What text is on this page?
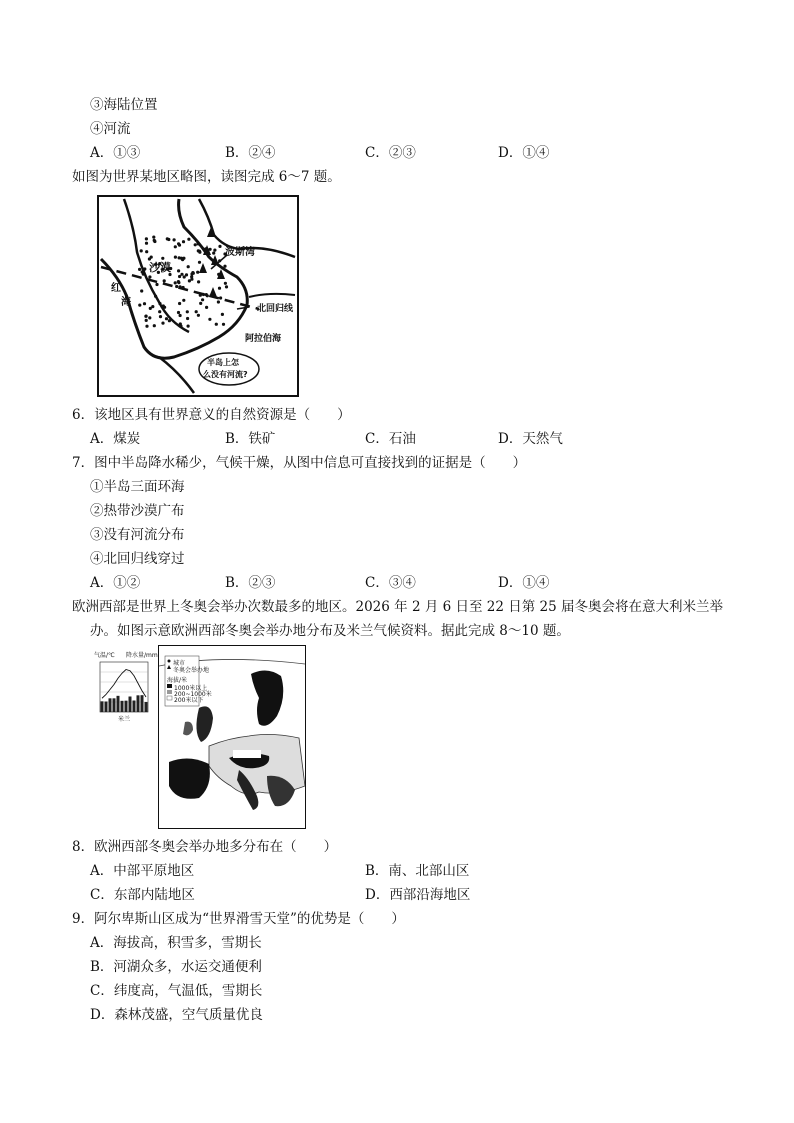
③海陆位置
④河流
A．①③	B．②④	C．②③	D．①④
如图为世界某地区略图，读图完成 6～7 题。
波斯湾
红
海
沙漠
北回归线
阿拉伯海
半岛上怎
么没有河流?
6．该地区具有世界意义的自然资源是（　　）
A．煤炭	B．铁矿	C．石油	D．天然气
7．图中半岛降水稀少，气候干燥，从图中信息可直接找到的证据是（　　）
①半岛三面环海
②热带沙漠广布
③没有河流分布
④北回归线穿过
A．①②	B．②③	C．③④	D．①④
欧洲西部是世界上冬奥会举办次数最多的地区。2026 年 2 月 6 日至 22 日第 25 届冬奥会将在意大利米兰举
办。如图示意欧洲西部冬奥会举办地分布及米兰气候资料。据此完成 8～10 题。
气温/℃ 降水量/mm
米兰
城市
冬奥会举办地
海拔/米
1000米以上
200~1000米
200米以下
8．欧洲西部冬奥会举办地多分布在（　　）
A．中部平原地区	B．南、北部山区
C．东部内陆地区	D．西部沿海地区
9．阿尔卑斯山区成为“世界滑雪天堂”的优势是（　　）
A．海拔高，积雪多，雪期长
B．河湖众多，水运交通便利
C．纬度高，气温低，雪期长
D．森林茂盛，空气质量优良
